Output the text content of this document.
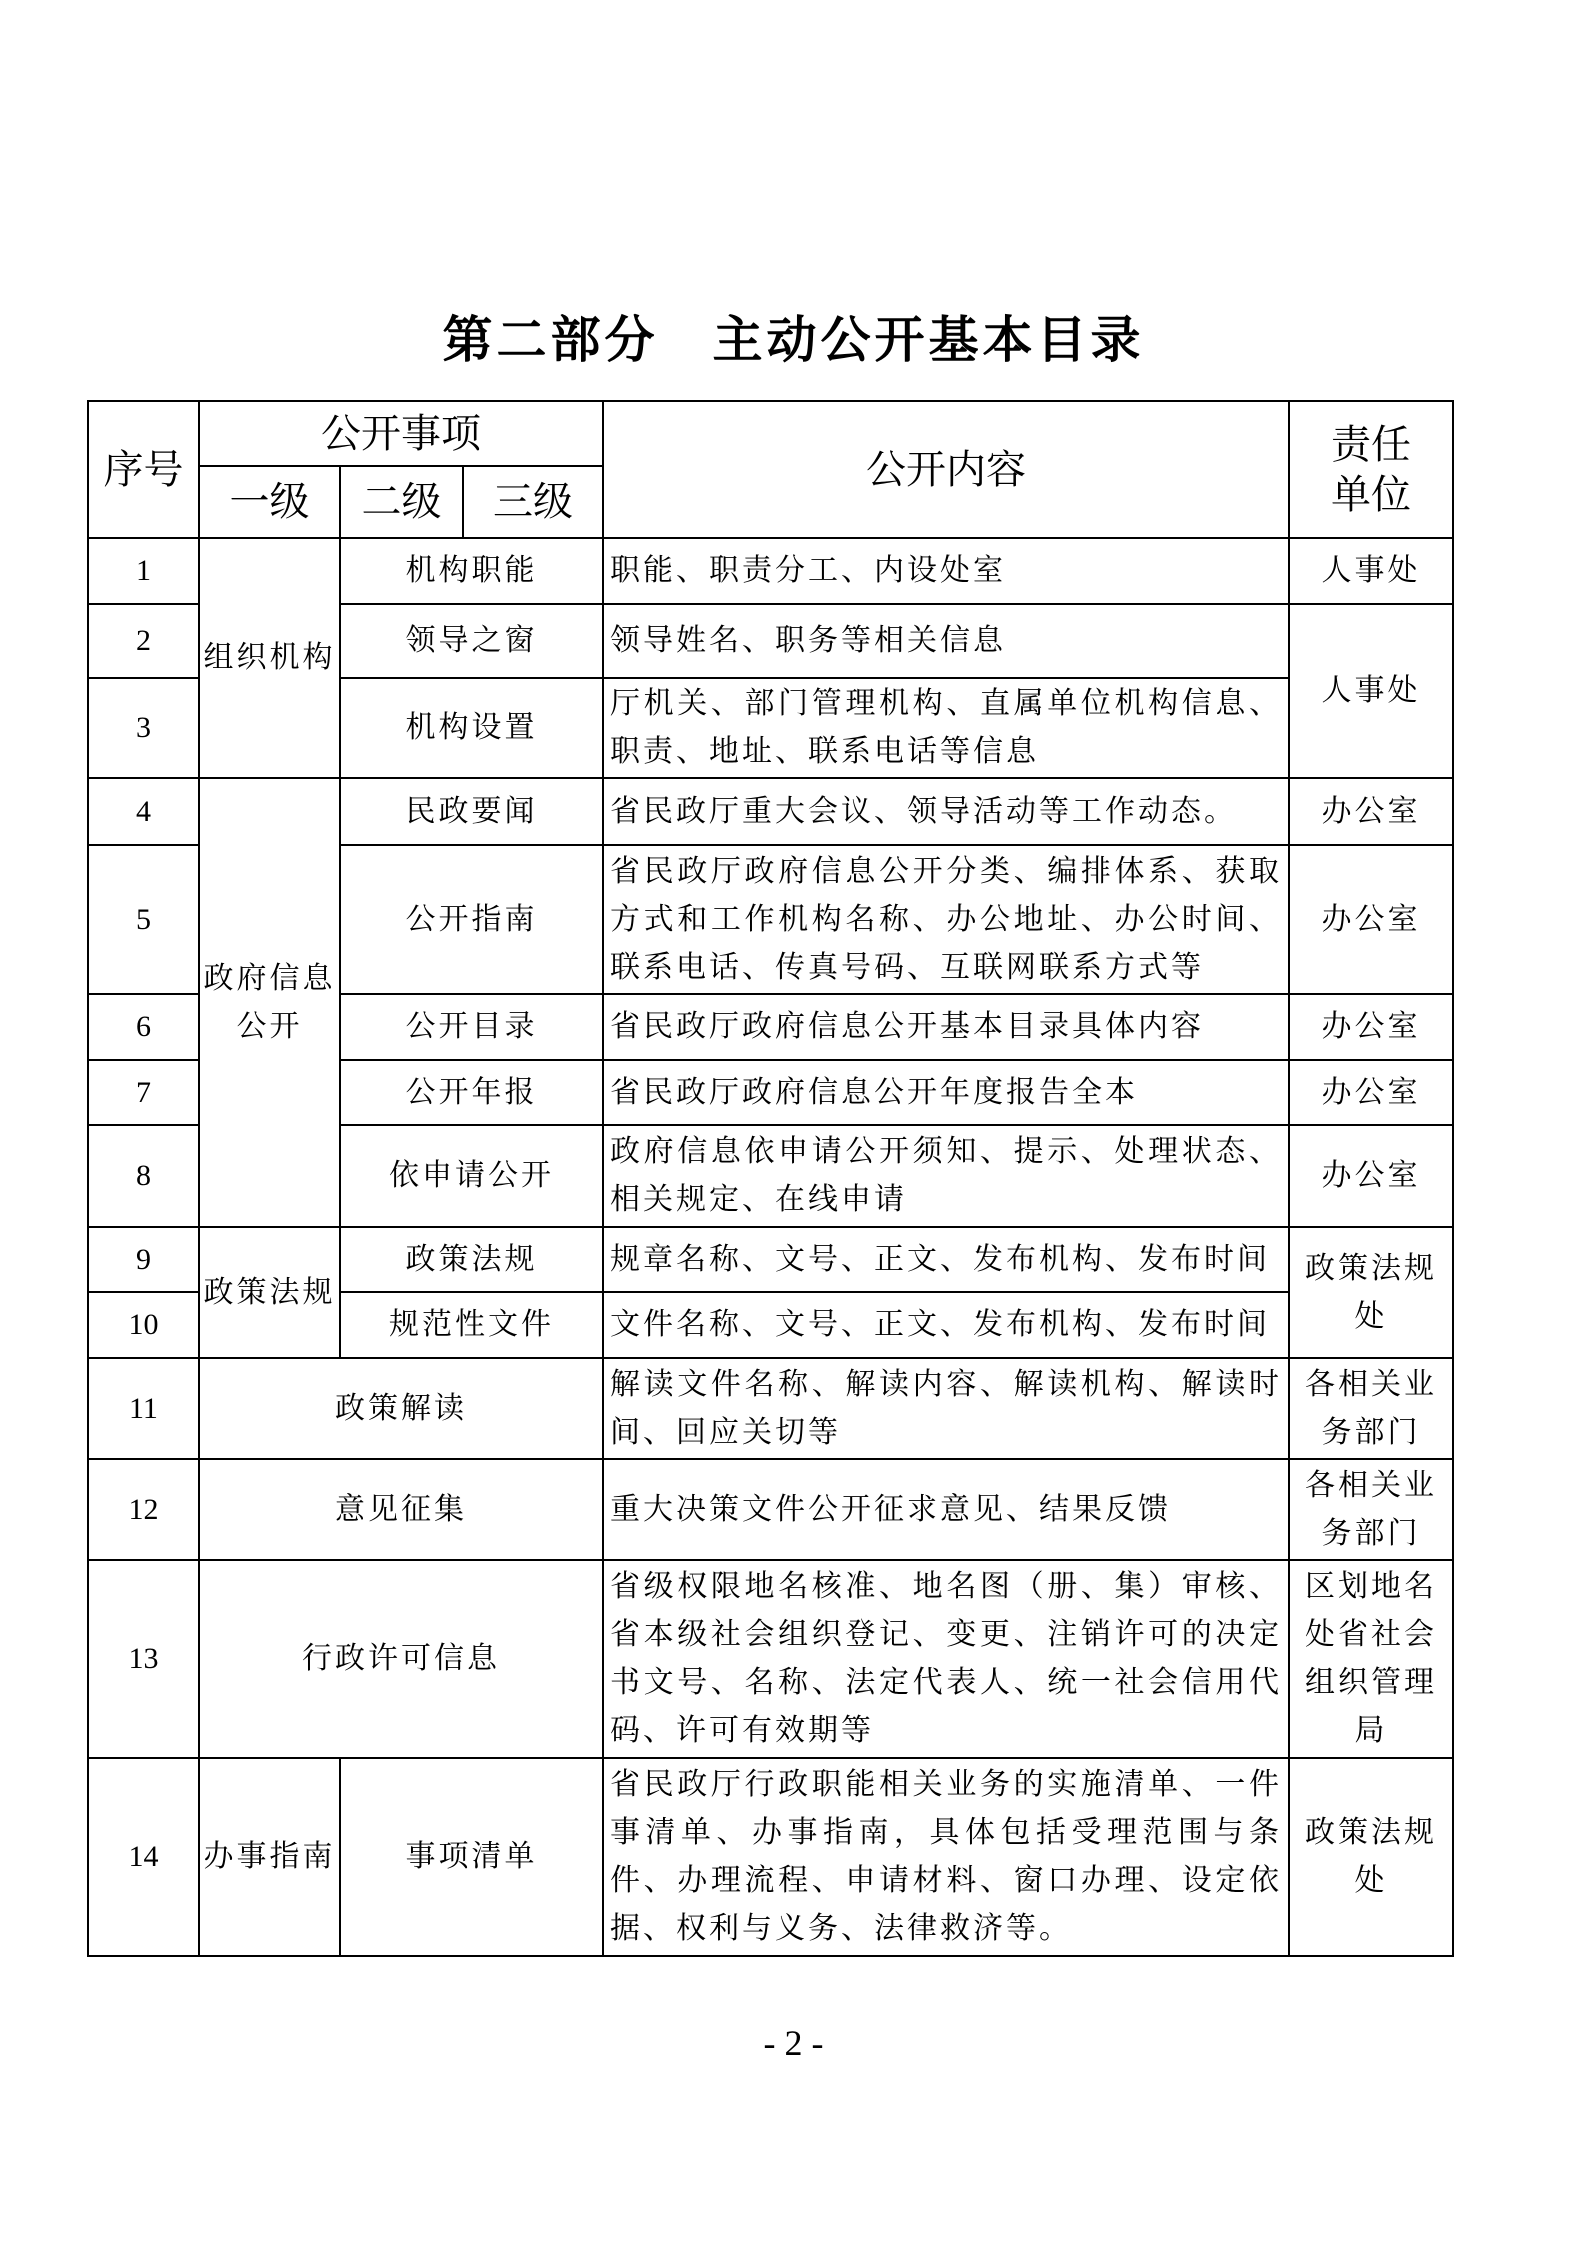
第二部分　主动公开基本目录
序号	公开事项			公开内容	责任单位
	一级	二级	三级		
1	组织机构	机构职能		职能、职责分工、内设处室	人事处
2		领导之窗		领导姓名、职务等相关信息	人事处
3		机构设置		厅机关、部门管理机构、直属单位机构信息、职责、地址、联系电话等信息	
4	政府信息公开	民政要闻		省民政厅重大会议、领导活动等工作动态。	办公室
5		公开指南		省民政厅政府信息公开分类、编排体系、获取方式和工作机构名称、办公地址、办公时间、联系电话、传真号码、互联网联系方式等	办公室
6		公开目录		省民政厅政府信息公开基本目录具体内容	办公室
7		公开年报		省民政厅政府信息公开年度报告全本	办公室
8		依申请公开		政府信息依申请公开须知、提示、处理状态、相关规定、在线申请	办公室
9	政策法规	政策法规		规章名称、文号、正文、发布机构、发布时间	政策法规处
10		规范性文件		文件名称、文号、正文、发布机构、发布时间	
11	政策解读			解读文件名称、解读内容、解读机构、解读时间、回应关切等	各相关业务部门
12	意见征集			重大决策文件公开征求意见、结果反馈	各相关业务部门
13	行政许可信息			省级权限地名核准、地名图（册、集）审核、省本级社会组织登记、变更、注销许可的决定书文号、名称、法定代表人、统一社会信用代码、许可有效期等	区划地名处省社会组织管理局
14	办事指南	事项清单		省民政厅行政职能相关业务的实施清单、一件事清单、办事指南，具体包括受理范围与条件、办理流程、申请材料、窗口办理、设定依据、权利与义务、法律救济等。	政策法规处
- 2 -
